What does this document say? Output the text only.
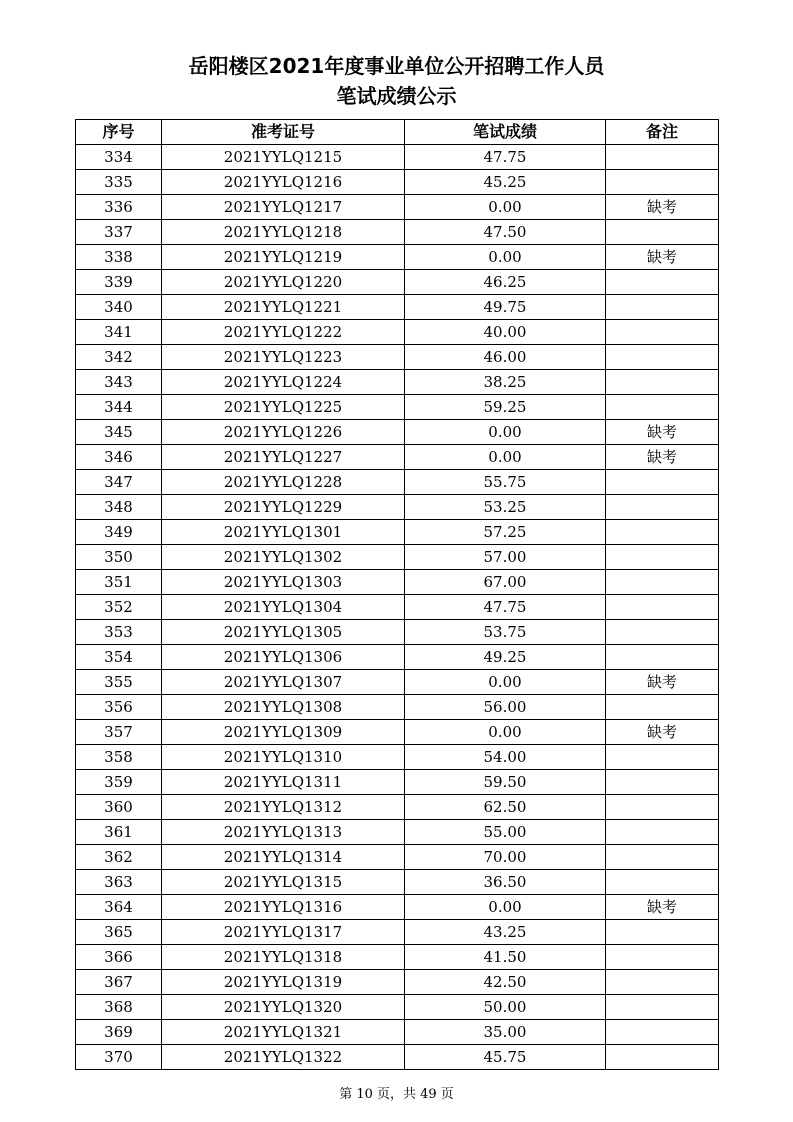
岳阳楼区2021年度事业单位公开招聘工作人员
笔试成绩公示
序号	准考证号	笔试成绩	备注
334	2021YYLQ1215	47.75	
335	2021YYLQ1216	45.25	
336	2021YYLQ1217	0.00	缺考
337	2021YYLQ1218	47.50	
338	2021YYLQ1219	0.00	缺考
339	2021YYLQ1220	46.25	
340	2021YYLQ1221	49.75	
341	2021YYLQ1222	40.00	
342	2021YYLQ1223	46.00	
343	2021YYLQ1224	38.25	
344	2021YYLQ1225	59.25	
345	2021YYLQ1226	0.00	缺考
346	2021YYLQ1227	0.00	缺考
347	2021YYLQ1228	55.75	
348	2021YYLQ1229	53.25	
349	2021YYLQ1301	57.25	
350	2021YYLQ1302	57.00	
351	2021YYLQ1303	67.00	
352	2021YYLQ1304	47.75	
353	2021YYLQ1305	53.75	
354	2021YYLQ1306	49.25	
355	2021YYLQ1307	0.00	缺考
356	2021YYLQ1308	56.00	
357	2021YYLQ1309	0.00	缺考
358	2021YYLQ1310	54.00	
359	2021YYLQ1311	59.50	
360	2021YYLQ1312	62.50	
361	2021YYLQ1313	55.00	
362	2021YYLQ1314	70.00	
363	2021YYLQ1315	36.50	
364	2021YYLQ1316	0.00	缺考
365	2021YYLQ1317	43.25	
366	2021YYLQ1318	41.50	
367	2021YYLQ1319	42.50	
368	2021YYLQ1320	50.00	
369	2021YYLQ1321	35.00	
370	2021YYLQ1322	45.75	
第 10 页，共 49 页
